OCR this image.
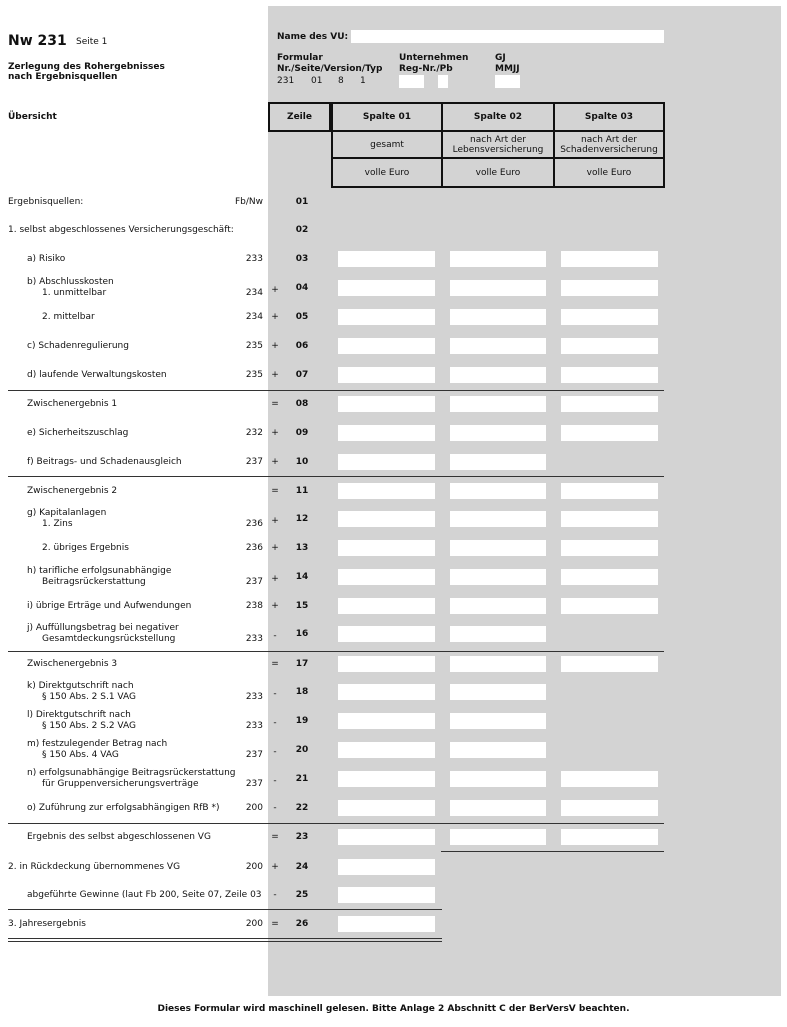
Nw 231 Seite 1
Zerlegung des Rohergebnisses
nach Ergebnisquellen
Übersicht
Name des VU:
Formular
Nr./Seite/Version/Typ
231 01 8 1
Unternehmen
Reg-Nr./Pb
GJ
MMJJ
Zeile	Spalte 01	Spalte 02	Spalte 03
gesamt	nach Art der
Lebensversicherung
nach Art der
Schadenversicherung
volle Euro	volle Euro	volle Euro
Fb/Nw
Ergebnisquellen:	01
1. selbst abgeschlossenes Versicherungsgeschäft:	02
a) Risiko	233	03
b) Abschlusskosten
1. unmittelbar	234 +	04
2. mittelbar	234 +	05
c) Schadenregulierung	235 +	06
d) laufende Verwaltungskosten	235 +	07
Zwischenergebnis 1	=	08
e) Sicherheitszuschlag	232 +	09
f) Beitrags- und Schadenausgleich	237 +	10
Zwischenergebnis 2	=	11
g) Kapitalanlagen
1. Zins	236 +	12
2. übriges Ergebnis	236 +	13
h) tarifliche erfolgsunabhängige
Beitragsrückerstattung	237 +	14
i) übrige Erträge und Aufwendungen	238 +	15
j) Auffüllungsbetrag bei negativer
Gesamtdeckungsrückstellung	233 -	16
Zwischenergebnis 3	=	17
k) Direktgutschrift nach
§ 150 Abs. 2 S.1 VAG	233 -	18
l) Direktgutschrift nach
§ 150 Abs. 2 S.2 VAG	233 -	19
m) festzulegender Betrag nach
§ 150 Abs. 4 VAG	237 -	20
n) erfolgsunabhängige Beitragsrückerstattung
für Gruppenversicherungsverträge	237 -	21
o) Zuführung zur erfolgsabhängigen RfB *)	200 -	22
Ergebnis des selbst abgeschlossenen VG	=	23
2. in Rückdeckung übernommenes VG	200 +	24
abgeführte Gewinne (laut Fb 200, Seite 07, Zeile 03 -	25
3. Jahresergebnis	200 =	26
Dieses Formular wird maschinell gelesen. Bitte Anlage 2 Abschnitt C der BerVersV beachten.
